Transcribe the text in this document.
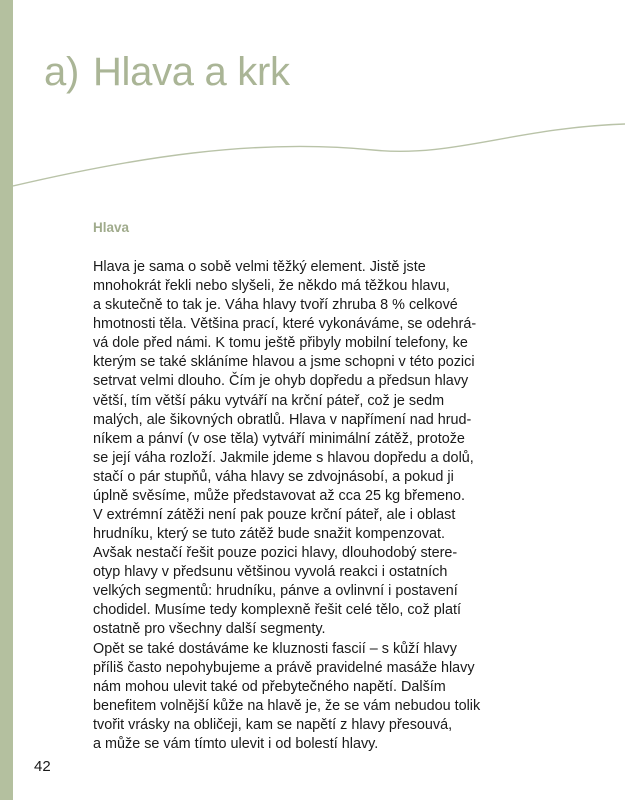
a) Hlava a krk
Hlava

Hlava je sama o sobě velmi těžký element. Jistě jste
mnohokrát řekli nebo slyšeli, že někdo má těžkou hlavu,
a skutečně to tak je. Váha hlavy tvoří zhruba 8 % celkové
hmotnosti těla. Většina prací, které vykonáváme, se odehrá-
vá dole před námi. K tomu ještě přibyly mobilní telefony, ke
kterým se také skláníme hlavou a jsme schopni v této pozici
setrvat velmi dlouho. Čím je ohyb dopředu a předsun hlavy
větší, tím větší páku vytváří na krční páteř, což je sedm
malých, ale šikovných obratlů. Hlava v napřímení nad hrud-
níkem a pánví (v ose těla) vytváří minimální zátěž, protože
se její váha rozloží. Jakmile jdeme s hlavou dopředu a dolů,
stačí o pár stupňů, váha hlavy se zdvojnásobí, a pokud ji
úplně svěsíme, může představovat až cca 25 kg břemeno.
V extrémní zátěži není pak pouze krční páteř, ale i oblast
hrudníku, který se tuto zátěž bude snažit kompenzovat.
Avšak nestačí řešit pouze pozici hlavy, dlouhodobý stere-
otyp hlavy v předsunu většinou vyvolá reakci i ostatních
velkých segmentů: hrudníku, pánve a ovlinvní i postavení
chodidel. Musíme tedy komplexně řešit celé tělo, což platí
ostatně pro všechny další segmenty.
Opět se také dostáváme ke kluznosti fascií – s kůží hlavy
příliš často nepohybujeme a právě pravidelné masáže hlavy
nám mohou ulevit také od přebytečného napětí. Dalším
benefitem volnější kůže na hlavě je, že se vám nebudou tolik
tvořit vrásky na obličeji, kam se napětí z hlavy přesouvá,
a může se vám tímto ulevit i od bolestí hlavy.

42
